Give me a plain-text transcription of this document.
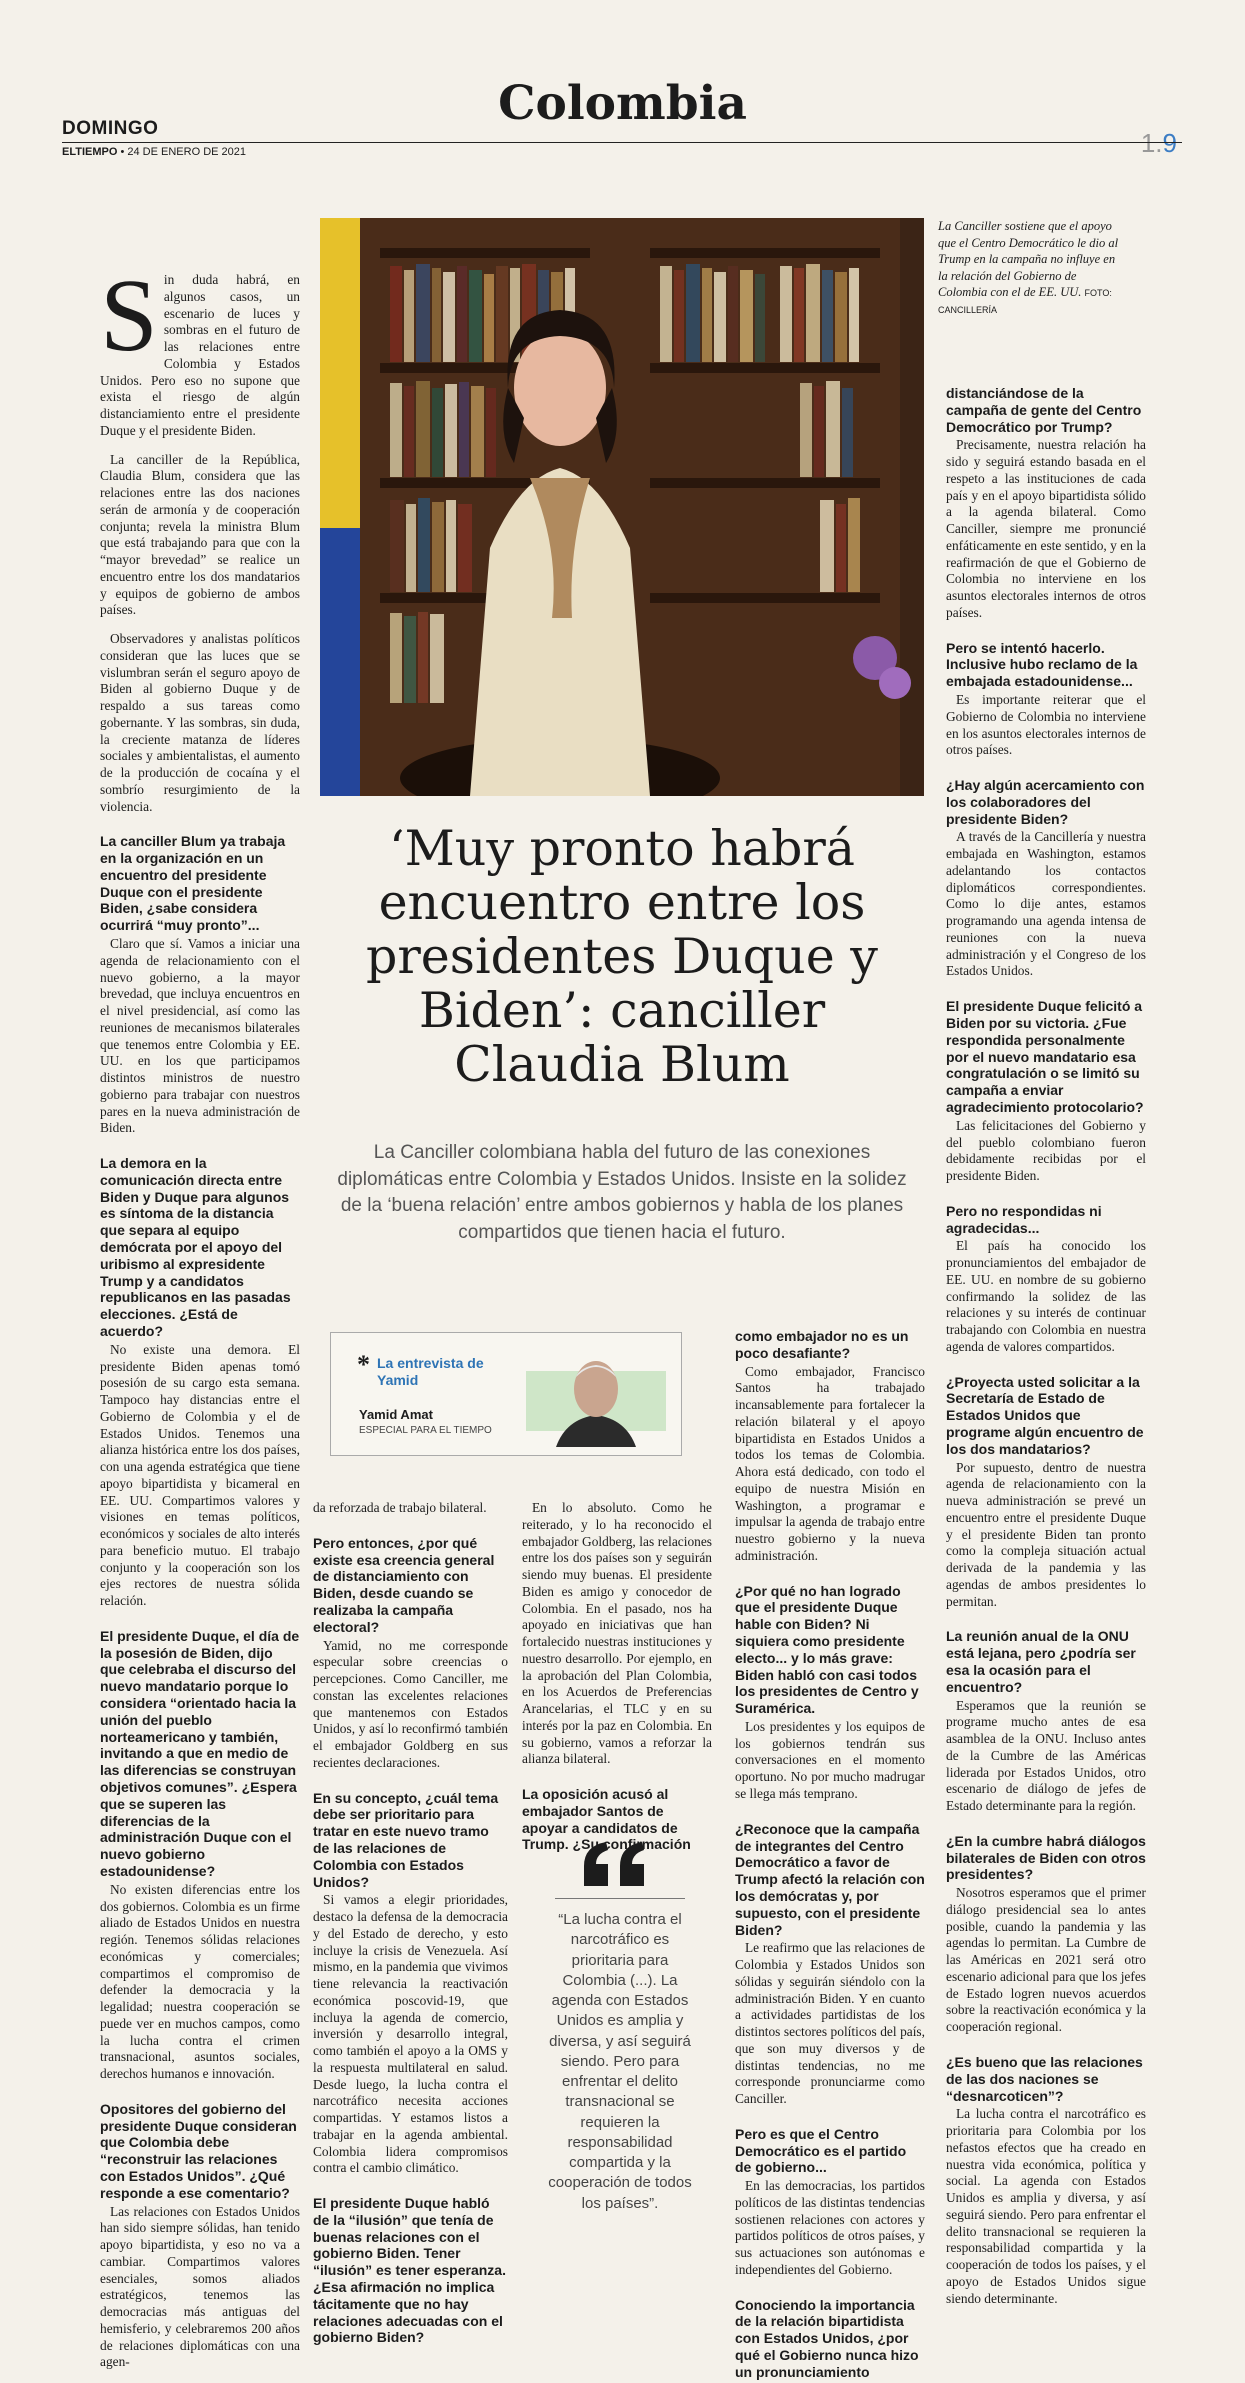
DOMINGO	Colombia
1.9
ELTIEMPO • 24 DE ENERO DE 2021
La Canciller sostiene que el apoyo que el Centro Democrático le dio al Trump en la campaña no influye en la relación del Gobierno de Colombia con el de EE. UU. FOTO: CANCILLERÍA
‘Muy pronto habrá encuentro entre los presidentes Duque y Biden’: canciller Claudia Blum
La Canciller colombiana habla del futuro de las conexiones diplomáticas entre Colombia y Estados Unidos. Insiste en la solidez de la ‘buena relación’ entre ambos gobiernos y habla de los planes compartidos que tienen hacia el futuro.
* La entrevista de Yamid
Yamid Amat
ESPECIAL PARA EL TIEMPO
“La lucha contra el narcotráfico es prioritaria para Colombia (...). La agenda con Estados Unidos es amplia y diversa, y así seguirá siendo. Pero para enfrentar el delito transnacional se requieren la responsabilidad compartida y la cooperación de todos los países”.

Sin duda habrá, en algunos casos, un escenario de luces y sombras en el futuro de las relaciones entre Colombia y Estados Unidos. Pero eso no supone que exista el riesgo de algún distanciamiento entre el presidente Duque y el presidente Biden.

La canciller de la República, Claudia Blum, considera que las relaciones entre las dos naciones serán de armonía y de cooperación conjunta; revela la ministra Blum que está trabajando para que con la “mayor brevedad” se realice un encuentro entre los dos mandatarios y equipos de gobierno de ambos países.

Observadores y analistas políticos consideran que las luces que se vislumbran serán el seguro apoyo de Biden al gobierno Duque y de respaldo a sus tareas como gobernante. Y las sombras, sin duda, la creciente matanza de líderes sociales y ambientalistas, el aumento de la producción de cocaína y el sombrío resurgimiento de la violencia.

La canciller Blum ya trabaja en la organización en un encuentro del presidente Duque con el presidente Biden, ¿sabe considera ocurrirá “muy pronto”...

Claro que sí. Vamos a iniciar una agenda de relacionamiento con el nuevo gobierno, a la mayor brevedad, que incluya encuentros en el nivel presidencial, así como las reuniones de mecanismos bilaterales que tenemos entre Colombia y EE. UU. en los que participamos distintos ministros de nuestro gobierno para trabajar con nuestros pares en la nueva administración de Biden.

La demora en la comunicación directa entre Biden y Duque para algunos es síntoma de la distancia que separa al equipo demócrata por el apoyo del uribismo al expresidente Trump y a candidatos republicanos en las pasadas elecciones. ¿Está de acuerdo?

No existe una demora. El presidente Biden apenas tomó posesión de su cargo esta semana. Tampoco hay distancias entre el Gobierno de Colombia y el de Estados Unidos. Tenemos una alianza histórica entre los dos países, con una agenda estratégica que tiene apoyo bipartidista y bicameral en EE. UU. Compartimos valores y visiones en temas políticos, económicos y sociales de alto interés para beneficio mutuo. El trabajo conjunto y la cooperación son los ejes rectores de nuestra sólida relación.

El presidente Duque, el día de la posesión de Biden, dijo que celebraba el discurso del nuevo mandatario porque lo considera “orientado hacia la unión del pueblo norteamericano y también, invitando a que en medio de las diferencias se construyan objetivos comunes”. ¿Espera que se superen las diferencias de la administración Duque con el nuevo gobierno estadounidense?

No existen diferencias entre los dos gobiernos. Colombia es un firme aliado de Estados Unidos en nuestra región. Tenemos sólidas relaciones económicas y comerciales; compartimos el compromiso de defender la democracia y la legalidad; nuestra cooperación se puede ver en muchos campos, como la lucha contra el crimen transnacional, asuntos sociales, derechos humanos e innovación.

Opositores del gobierno del presidente Duque consideran que Colombia debe “reconstruir las relaciones con Estados Unidos”. ¿Qué responde a ese comentario?

Las relaciones con Estados Unidos han sido siempre sólidas, han tenido apoyo bipartidista, y eso no va a cambiar. Compartimos valores esenciales, somos aliados estratégicos, tenemos las democracias más antiguas del hemisferio, y celebraremos 200 años de relaciones diplomáticas con una agen-

da reforzada de trabajo bilateral.

Pero entonces, ¿por qué existe esa creencia general de distanciamiento con Biden, desde cuando se realizaba la campaña electoral?

Yamid, no me corresponde especular sobre creencias o percepciones. Como Canciller, me constan las excelentes relaciones que mantenemos con Estados Unidos, y así lo reconfirmó también el embajador Goldberg en sus recientes declaraciones.

En su concepto, ¿cuál tema debe ser prioritario para tratar en este nuevo tramo de las relaciones de Colombia con Estados Unidos?

Si vamos a elegir prioridades, destaco la defensa de la democracia y del Estado de derecho, y esto incluye la crisis de Venezuela. Así mismo, en la pandemia que vivimos tiene relevancia la reactivación económica poscovid-19, que incluya la agenda de comercio, inversión y desarrollo integral, como también el apoyo a la OMS y la respuesta multilateral en salud. Desde luego, la lucha contra el narcotráfico necesita acciones compartidas. Y estamos listos a trabajar en la agenda ambiental. Colombia lidera compromisos contra el cambio climático.

El presidente Duque habló de la “ilusión” que tenía de buenas relaciones con el gobierno Biden. Tener “ilusión” es tener esperanza. ¿Esa afirmación no implica tácitamente que no hay relaciones adecuadas con el gobierno Biden?

En lo absoluto. Como he reiterado, y lo ha reconocido el embajador Goldberg, las relaciones entre los dos países son y seguirán siendo muy buenas. El presidente Biden es amigo y conocedor de Colombia. En el pasado, nos ha apoyado en iniciativas que han fortalecido nuestras instituciones y nuestro desarrollo. Por ejemplo, en la aprobación del Plan Colombia, en los Acuerdos de Preferencias Arancelarias, el TLC y en su interés por la paz en Colombia. En su gobierno, vamos a reforzar la alianza bilateral.

La oposición acusó al embajador Santos de apoyar a candidatos de Trump. ¿Su confirmación

como embajador no es un poco desafiante?

Como embajador, Francisco Santos ha trabajado incansablemente para fortalecer la relación bilateral y el apoyo bipartidista en Estados Unidos a todos los temas de Colombia. Ahora está dedicado, con todo el equipo de nuestra Misión en Washington, a programar e impulsar la agenda de trabajo entre nuestro gobierno y la nueva administración.

¿Por qué no han logrado que el presidente Duque hable con Biden? Ni siquiera como presidente electo... y lo más grave: Biden habló con casi todos los presidentes de Centro y Suramérica.

Los presidentes y los equipos de los gobiernos tendrán sus conversaciones en el momento oportuno. No por mucho madrugar se llega más temprano.

¿Reconoce que la campaña de integrantes del Centro Democrático a favor de Trump afectó la relación con los demócratas y, por supuesto, con el presidente Biden?

Le reafirmo que las relaciones de Colombia y Estados Unidos son sólidas y seguirán siéndolo con la administración Biden. Y en cuanto a actividades partidistas de los distintos sectores políticos del país, que son muy diversos y de distintas tendencias, no me corresponde pronunciarme como Canciller.

Pero es que el Centro Democrático es el partido de gobierno...

En las democracias, los partidos políticos de las distintas tendencias sostienen relaciones con actores y partidos políticos de otros países, y sus actuaciones son autónomas e independientes del Gobierno.

Conociendo la importancia de la relación bipartidista con Estados Unidos, ¿por qué el Gobierno nunca hizo un pronunciamiento

distanciándose de la campaña de gente del Centro Democrático por Trump?

Precisamente, nuestra relación ha sido y seguirá estando basada en el respeto a las instituciones de cada país y en el apoyo bipartidista sólido a la agenda bilateral. Como Canciller, siempre me pronuncié enfáticamente en este sentido, y en la reafirmación de que el Gobierno de Colombia no interviene en los asuntos electorales internos de otros países.

Pero se intentó hacerlo. Inclusive hubo reclamo de la embajada estadounidense...

Es importante reiterar que el Gobierno de Colombia no interviene en los asuntos electorales internos de otros países.

¿Hay algún acercamiento con los colaboradores del presidente Biden?

A través de la Cancillería y nuestra embajada en Washington, estamos adelantando los contactos diplomáticos correspondientes. Como lo dije antes, estamos programando una agenda intensa de reuniones con la nueva administración y el Congreso de los Estados Unidos.

El presidente Duque felicitó a Biden por su victoria. ¿Fue respondida personalmente por el nuevo mandatario esa congratulación o se limitó su campaña a enviar agradecimiento protocolario?

Las felicitaciones del Gobierno y del pueblo colombiano fueron debidamente recibidas por el presidente Biden.

Pero no respondidas ni agradecidas...

El país ha conocido los pronunciamientos del embajador de EE. UU. en nombre de su gobierno confirmando la solidez de las relaciones y su interés de continuar trabajando con Colombia en nuestra agenda de valores compartidos.

¿Proyecta usted solicitar a la Secretaría de Estado de Estados Unidos que programe algún encuentro de los dos mandatarios?

Por supuesto, dentro de nuestra agenda de relacionamiento con la nueva administración se prevé un encuentro entre el presidente Duque y el presidente Biden tan pronto como la compleja situación actual derivada de la pandemia y las agendas de ambos presidentes lo permitan.

La reunión anual de la ONU está lejana, pero ¿podría ser esa la ocasión para el encuentro?

Esperamos que la reunión se programe mucho antes de esa asamblea de la ONU. Incluso antes de la Cumbre de las Américas liderada por Estados Unidos, otro escenario de diálogo de jefes de Estado determinante para la región.

¿En la cumbre habrá diálogos bilaterales de Biden con otros presidentes?

Nosotros esperamos que el primer diálogo presidencial sea lo antes posible, cuando la pandemia y las agendas lo permitan. La Cumbre de las Américas en 2021 será otro escenario adicional para que los jefes de Estado logren nuevos acuerdos sobre la reactivación económica y la cooperación regional.

¿Es bueno que las relaciones de las dos naciones se “desnarcoticen”?

La lucha contra el narcotráfico es prioritaria para Colombia por los nefastos efectos que ha creado en nuestra vida económica, política y social. La agenda con Estados Unidos es amplia y diversa, y así seguirá siendo. Pero para enfrentar el delito transnacional se requieren la responsabilidad compartida y la cooperación de todos los países, y el apoyo de Estados Unidos sigue siendo determinante.
